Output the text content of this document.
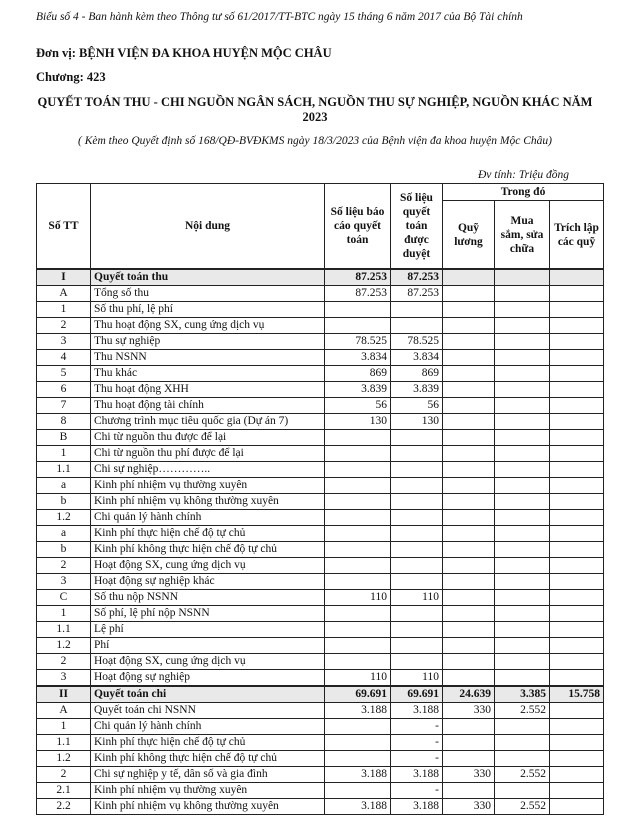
Biểu số 4 - Ban hành kèm theo Thông tư số 61/2017/TT-BTC ngày 15 tháng 6 năm 2017 của Bộ Tài chính
Đơn vị: BỆNH VIỆN ĐA KHOA HUYỆN MỘC CHÂU
Chương: 423
QUYẾT TOÁN THU - CHI NGUỒN NGÂN SÁCH, NGUỒN THU SỰ NGHIỆP, NGUỒN KHÁC NĂM
2023
( Kèm theo Quyết định số 168/QĐ-BVĐKMS ngày 18/3/2023 của Bệnh viện đa khoa huyện Mộc Châu)
Đv tính: Triệu đồng
Số TT	Nội dung	Số liệu báo cáo quyết toán	Số liệu quyết toán được duyệt	Trong đó		
				Quỹ lương	Mua sắm, sửa chữa	Trích lập các quỹ
I	Quyết toán thu	87.253	87.253			
A	Tổng số thu	87.253	87.253			
1	Số thu phí, lệ phí					
2	Thu hoạt động SX, cung ứng dịch vụ					
3	Thu sự nghiệp	78.525	78.525			
4	Thu NSNN	3.834	3.834			
5	Thu khác	869	869			
6	Thu hoạt động XHH	3.839	3.839			
7	Thu hoạt động tài chính	56	56			
8	Chương trình mục tiêu quốc gia (Dự án 7)	130	130			
B	Chi từ nguồn thu được để lại					
1	Chi từ nguồn thu phí được để lại					
1.1	Chi sự nghiệp…………..					
a	Kinh phí nhiệm vụ thường xuyên					
b	Kinh phí nhiệm vụ không thường xuyên					
1.2	Chi quản lý hành chính					
a	Kinh phí thực hiện chế độ tự chủ					
b	Kinh phí không thực hiện chế độ tự chủ					
2	Hoạt động SX, cung ứng dịch vụ					
3	Hoạt động sự nghiệp khác					
C	Số thu nộp NSNN	110	110			
1	Số phí, lệ phí nộp NSNN					
1.1	Lệ phí					
1.2	Phí					
2	Hoạt động SX, cung ứng dịch vụ					
3	Hoạt động sự nghiệp	110	110			
II	Quyết toán chi	69.691	69.691	24.639	3.385	15.758
A	Quyết toán chi NSNN	3.188	3.188	330	2.552	
1	Chi quản lý hành chính		-			
1.1	Kinh phí thực hiện chế độ tự chủ		-			
1.2	Kinh phí không thực hiện chế độ tự chủ		-			
2	Chi sự nghiệp y tế, dân số và gia đình	3.188	3.188	330	2.552	
2.1	Kinh phí nhiệm vụ thường xuyên		-			
2.2	Kinh phí nhiệm vụ không thường xuyên	3.188	3.188	330	2.552	
